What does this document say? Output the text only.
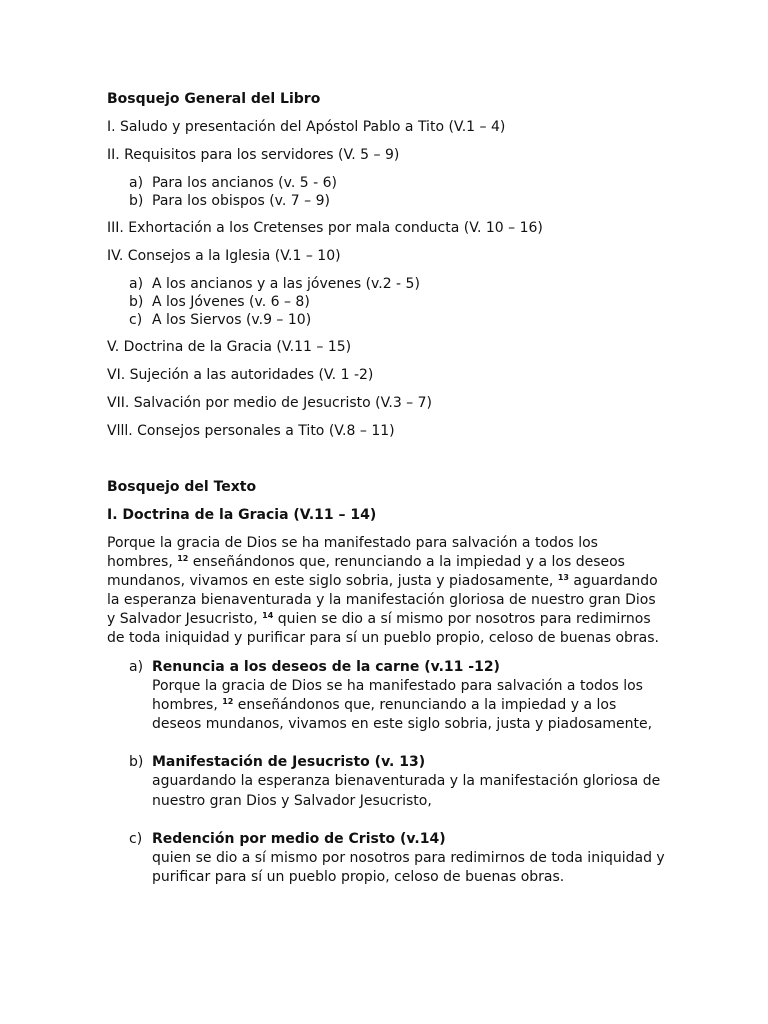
Bosquejo General del Libro

I. Saludo y presentación del Apóstol Pablo a Tito (V.1 – 4)

II. Requisitos para los servidores (V. 5 – 9)

a) Para los ancianos (v. 5 - 6)
b) Para los obispos (v. 7 – 9)

III. Exhortación a los Cretenses por mala conducta (V. 10 – 16)

IV. Consejos a la Iglesia (V.1 – 10)

a) A los ancianos y a las jóvenes (v.2 - 5)
b) A los Jóvenes (v. 6 – 8)
c) A los Siervos (v.9 – 10)

V. Doctrina de la Gracia (V.11 – 15)

VI. Sujeción a las autoridades (V. 1 -2)

VII. Salvación por medio de Jesucristo (V.3 – 7)

Vlll. Consejos personales a Tito (V.8 – 11)

Bosquejo del Texto

I. Doctrina de la Gracia (V.11 – 14)

Porque la gracia de Dios se ha manifestado para salvación a todos los hombres, $^{12}$ enseñándonos que, renunciando a la impiedad y a los deseos mundanos, vivamos en este siglo sobria, justa y piadosamente, $^{13}$ aguardando la esperanza bienaventurada y la manifestación gloriosa de nuestro gran Dios y Salvador Jesucristo, $^{14}$ quien se dio a sí mismo por nosotros para redimirnos de toda iniquidad y purificar para sí un pueblo propio, celoso de buenas obras.

a) Renuncia a los deseos de la carne (v.11 -12)
Porque la gracia de Dios se ha manifestado para salvación a todos los hombres, $^{12}$ enseñándonos que, renunciando a la impiedad y a los deseos mundanos, vivamos en este siglo sobria, justa y piadosamente,
b) Manifestación de Jesucristo (v. 13)
aguardando la esperanza bienaventurada y la manifestación gloriosa de nuestro gran Dios y Salvador Jesucristo,
c) Redención por medio de Cristo (v.14)
quien se dio a sí mismo por nosotros para redimirnos de toda iniquidad y purificar para sí un pueblo propio, celoso de buenas obras.
